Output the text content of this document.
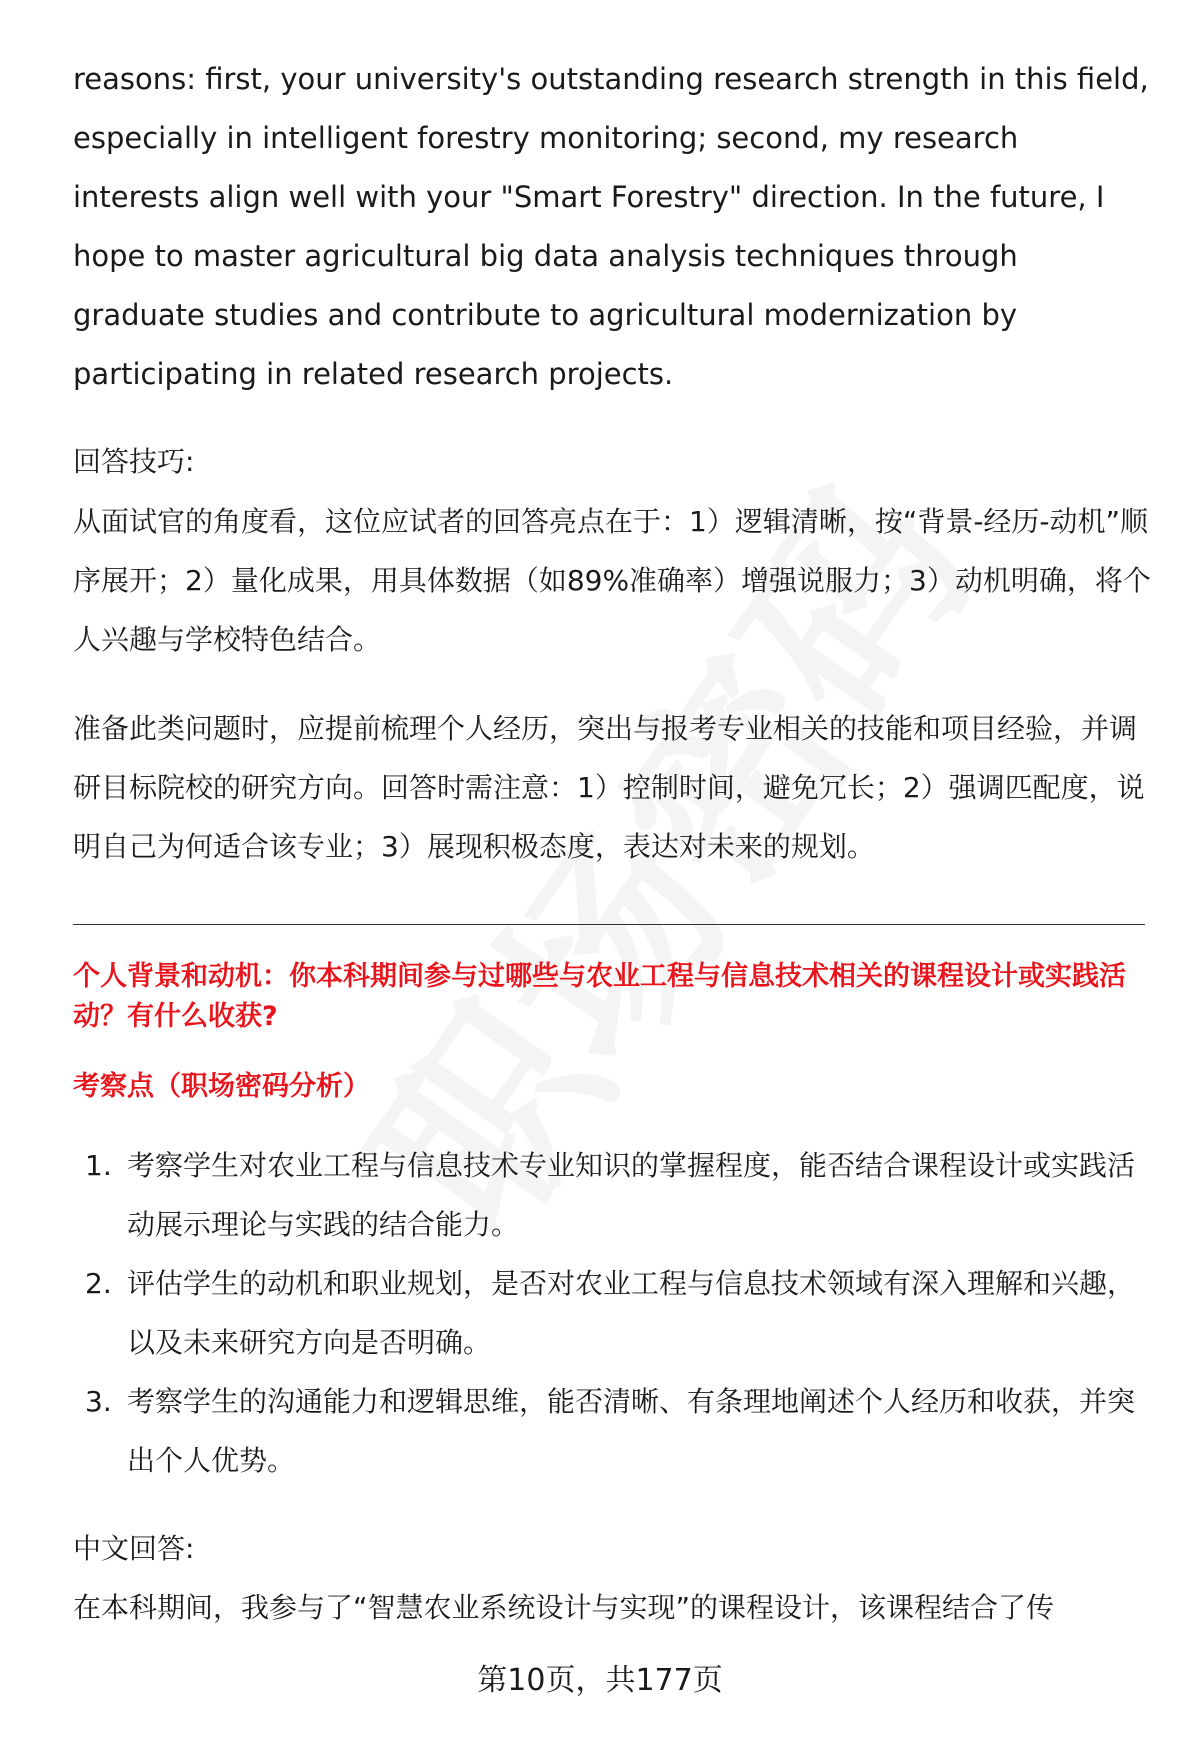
reasons: first, your university's outstanding research strength in this field, especially in intelligent forestry monitoring; second, my research interests align well with your "Smart Forestry" direction. In the future, I hope to master agricultural big data analysis techniques through graduate studies and contribute to agricultural modernization by participating in related research projects.
回答技巧:
从面试官的角度看，这位应试者的回答亮点在于：1）逻辑清晰，按“背景-经历-动机”顺序展开；2）量化成果，用具体数据（如89%准确率）增强说服力；3）动机明确，将个人兴趣与学校特色结合。
准备此类问题时，应提前梳理个人经历，突出与报考专业相关的技能和项目经验，并调研目标院校的研究方向。回答时需注意：1）控制时间，避免冗长；2）强调匹配度，说明自己为何适合该专业；3）展现积极态度，表达对未来的规划。
个人背景和动机：你本科期间参与过哪些与农业工程与信息技术相关的课程设计或实践活动？有什么收获?
考察点（职场密码分析）
1. 考察学生对农业工程与信息技术专业知识的掌握程度，能否结合课程设计或实践活动展示理论与实践的结合能力。
2. 评估学生的动机和职业规划，是否对农业工程与信息技术领域有深入理解和兴趣，以及未来研究方向是否明确。
3. 考察学生的沟通能力和逻辑思维，能否清晰、有条理地阐述个人经历和收获，并突出个人优势。
中文回答:
在本科期间，我参与了“智慧农业系统设计与实现”的课程设计，该课程结合了传
第10页，共177页
